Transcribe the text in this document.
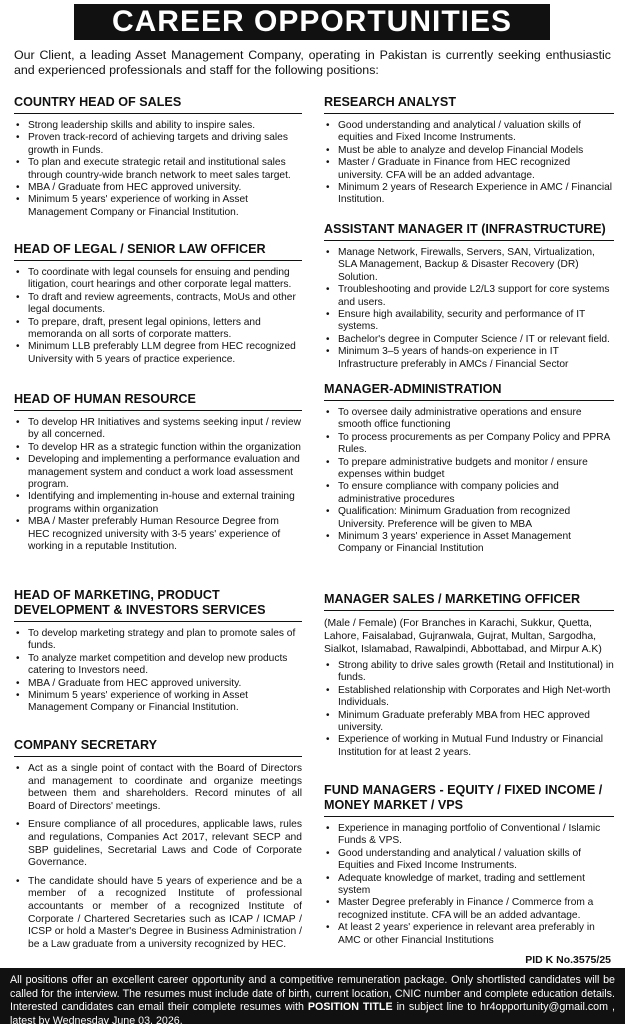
CAREER OPPORTUNITIES
Our Client, a leading Asset Management Company, operating in Pakistan is currently seeking enthusiastic and experienced professionals and staff for the following positions:
COUNTRY HEAD OF SALES
• Strong leadership skills and ability to inspire sales.
• Proven track-record of achieving targets and driving sales growth in Funds.
• To plan and execute strategic retail and institutional sales through country-wide branch network to meet sales target.
• MBA / Graduate from HEC approved university.
• Minimum 5 years' experience of working in Asset Management Company or Financial Institution.
HEAD OF LEGAL / SENIOR LAW OFFICER
• To coordinate with legal counsels for ensuing and pending litigation, court hearings and other corporate legal matters.
• To draft and review agreements, contracts, MoUs and other legal documents.
• To prepare, draft, present legal opinions, letters and memoranda on all sorts of corporate matters.
• Minimum LLB preferably LLM degree from HEC recognized University with 5 years of practice experience.
HEAD OF HUMAN RESOURCE
• To develop HR Initiatives and systems seeking input / review by all concerned.
• To develop HR as a strategic function within the organization
• Developing and implementing a performance evaluation and management system and conduct a work load assessment program.
• Identifying and implementing in-house and external training programs within organization
• MBA / Master preferably Human Resource Degree from HEC recognized university with 3-5 years' experience of working in a reputable Institution.
HEAD OF MARKETING, PRODUCT DEVELOPMENT & INVESTORS SERVICES
• To develop marketing strategy and plan to promote sales of funds.
• To analyze market competition and develop new products catering to Investors need.
• MBA / Graduate from HEC approved university.
• Minimum 5 years' experience of working in Asset Management Company or Financial Institution.
COMPANY SECRETARY
• Act as a single point of contact with the Board of Directors and management to coordinate and organize meetings between them and shareholders. Record minutes of all Board of Directors' meetings.
• Ensure compliance of all procedures, applicable laws, rules and regulations, Companies Act 2017, relevant SECP and SBP guidelines, Secretarial Laws and Code of Corporate Governance.
• The candidate should have 5 years of experience and be a member of a recognized Institute of professional accountants or member of a recognized Institute of Corporate / Chartered Secretaries such as ICAP / ICMAP / ICSP or hold a Master's Degree in Business Administration / be a Law graduate from a university recognized by HEC.
RESEARCH ANALYST
• Good understanding and analytical / valuation skills of equities and Fixed Income Instruments.
• Must be able to analyze and develop Financial Models
• Master / Graduate in Finance from HEC recognized university. CFA will be an added advantage.
• Minimum 2 years of Research Experience in AMC / Financial Institution.
ASSISTANT MANAGER IT (INFRASTRUCTURE)
• Manage Network, Firewalls, Servers, SAN, Virtualization, SLA Management, Backup & Disaster Recovery (DR) Solution.
• Troubleshooting and provide L2/L3 support for core systems and users.
• Ensure high availability, security and performance of IT systems.
• Bachelor's degree in Computer Science / IT or relevant field.
• Minimum 3–5 years of hands-on experience in IT Infrastructure preferably in AMCs / Financial Sector
MANAGER-ADMINISTRATION
• To oversee daily administrative operations and ensure smooth office functioning
• To process procurements as per Company Policy and PPRA Rules.
• To prepare administrative budgets and monitor / ensure expenses within budget
• To ensure compliance with company policies and administrative procedures
• Qualification: Minimum Graduation from recognized University. Preference will be given to MBA
• Minimum 3 years' experience in Asset Management Company or Financial Institution
MANAGER SALES / MARKETING OFFICER
(Male / Female) (For Branches in Karachi, Sukkur, Quetta, Lahore, Faisalabad, Gujranwala, Gujrat, Multan, Sargodha, Sialkot, Islamabad, Rawalpindi, Abbottabad, and Mirpur A.K)
• Strong ability to drive sales growth (Retail and Institutional) in funds.
• Established relationship with Corporates and High Net-worth Individuals.
• Minimum Graduate preferably MBA from HEC approved university.
• Experience of working in Mutual Fund Industry or Financial Institution for at least 2 years.
FUND MANAGERS - EQUITY / FIXED INCOME / MONEY MARKET / VPS
• Experience in managing portfolio of Conventional / Islamic Funds & VPS.
• Good understanding and analytical / valuation skills of Equities and Fixed Income Instruments.
• Adequate knowledge of market, trading and settlement system
• Master Degree preferably in Finance / Commerce from a recognized institute. CFA will be an added advantage.
• At least 2 years' experience in relevant area preferably in AMC or other Financial Institutions
PID K No.3575/25
All positions offer an excellent career opportunity and a competitive remuneration package. Only shortlisted candidates will be called for the interview. The resumes must include date of birth, current location, CNIC number and complete education details. Interested candidates can email their complete resumes with POSITION TITLE in subject line to hr4opportunity@gmail.com , latest by Wednesday June 03, 2026.
